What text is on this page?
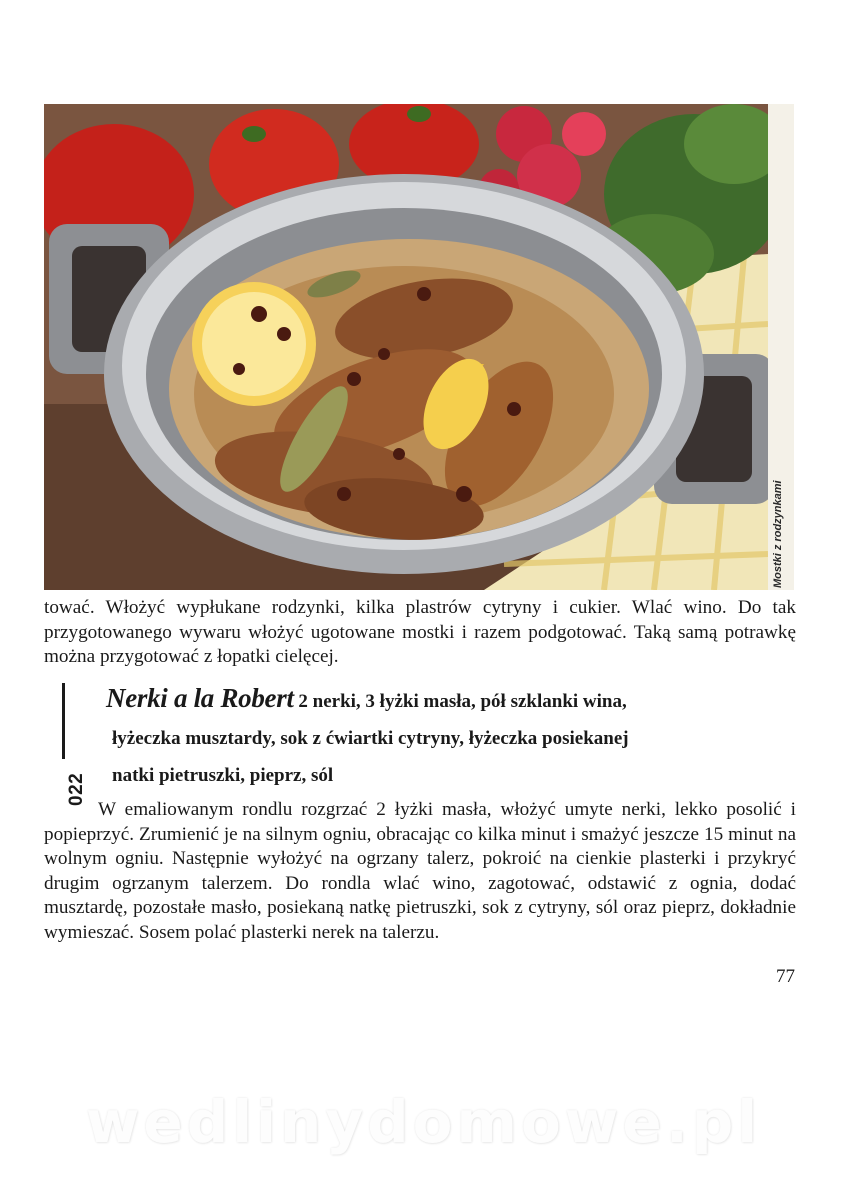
Mostki z rodzynkami
tować. Włożyć wypłukane rodzynki, kilka plastrów cytryny i cukier. Wlać wino. Do tak przygotowanego wywaru włożyć ugotowane mostki i razem podgotować. Taką samą potrawkę można przygotować z łopatki cielęcej.
022
Nerki a la Robert 2 nerki, 3 łyżki masła, pół szklanki wina,
łyżeczka musztardy, sok z ćwiartki cytryny, łyżeczka posiekanej
natki pietruszki, pieprz, sól
W emaliowanym rondlu rozgrzać 2 łyżki masła, włożyć umyte nerki, lekko posolić i popieprzyć. Zrumienić je na silnym ogniu, obracając co kilka minut i smażyć jeszcze 15 minut na wolnym ogniu. Następnie wyłożyć na ogrzany talerz, pokroić na cienkie plasterki i przykryć drugim ogrzanym talerzem. Do rondla wlać wino, zagotować, odstawić z ognia, dodać musztardę, pozostałe masło, posiekaną natkę pietruszki, sok z cytryny, sól oraz pieprz, dokładnie wymieszać. Sosem polać plasterki nerek na talerzu.
77
wedlinydomowe.pl
